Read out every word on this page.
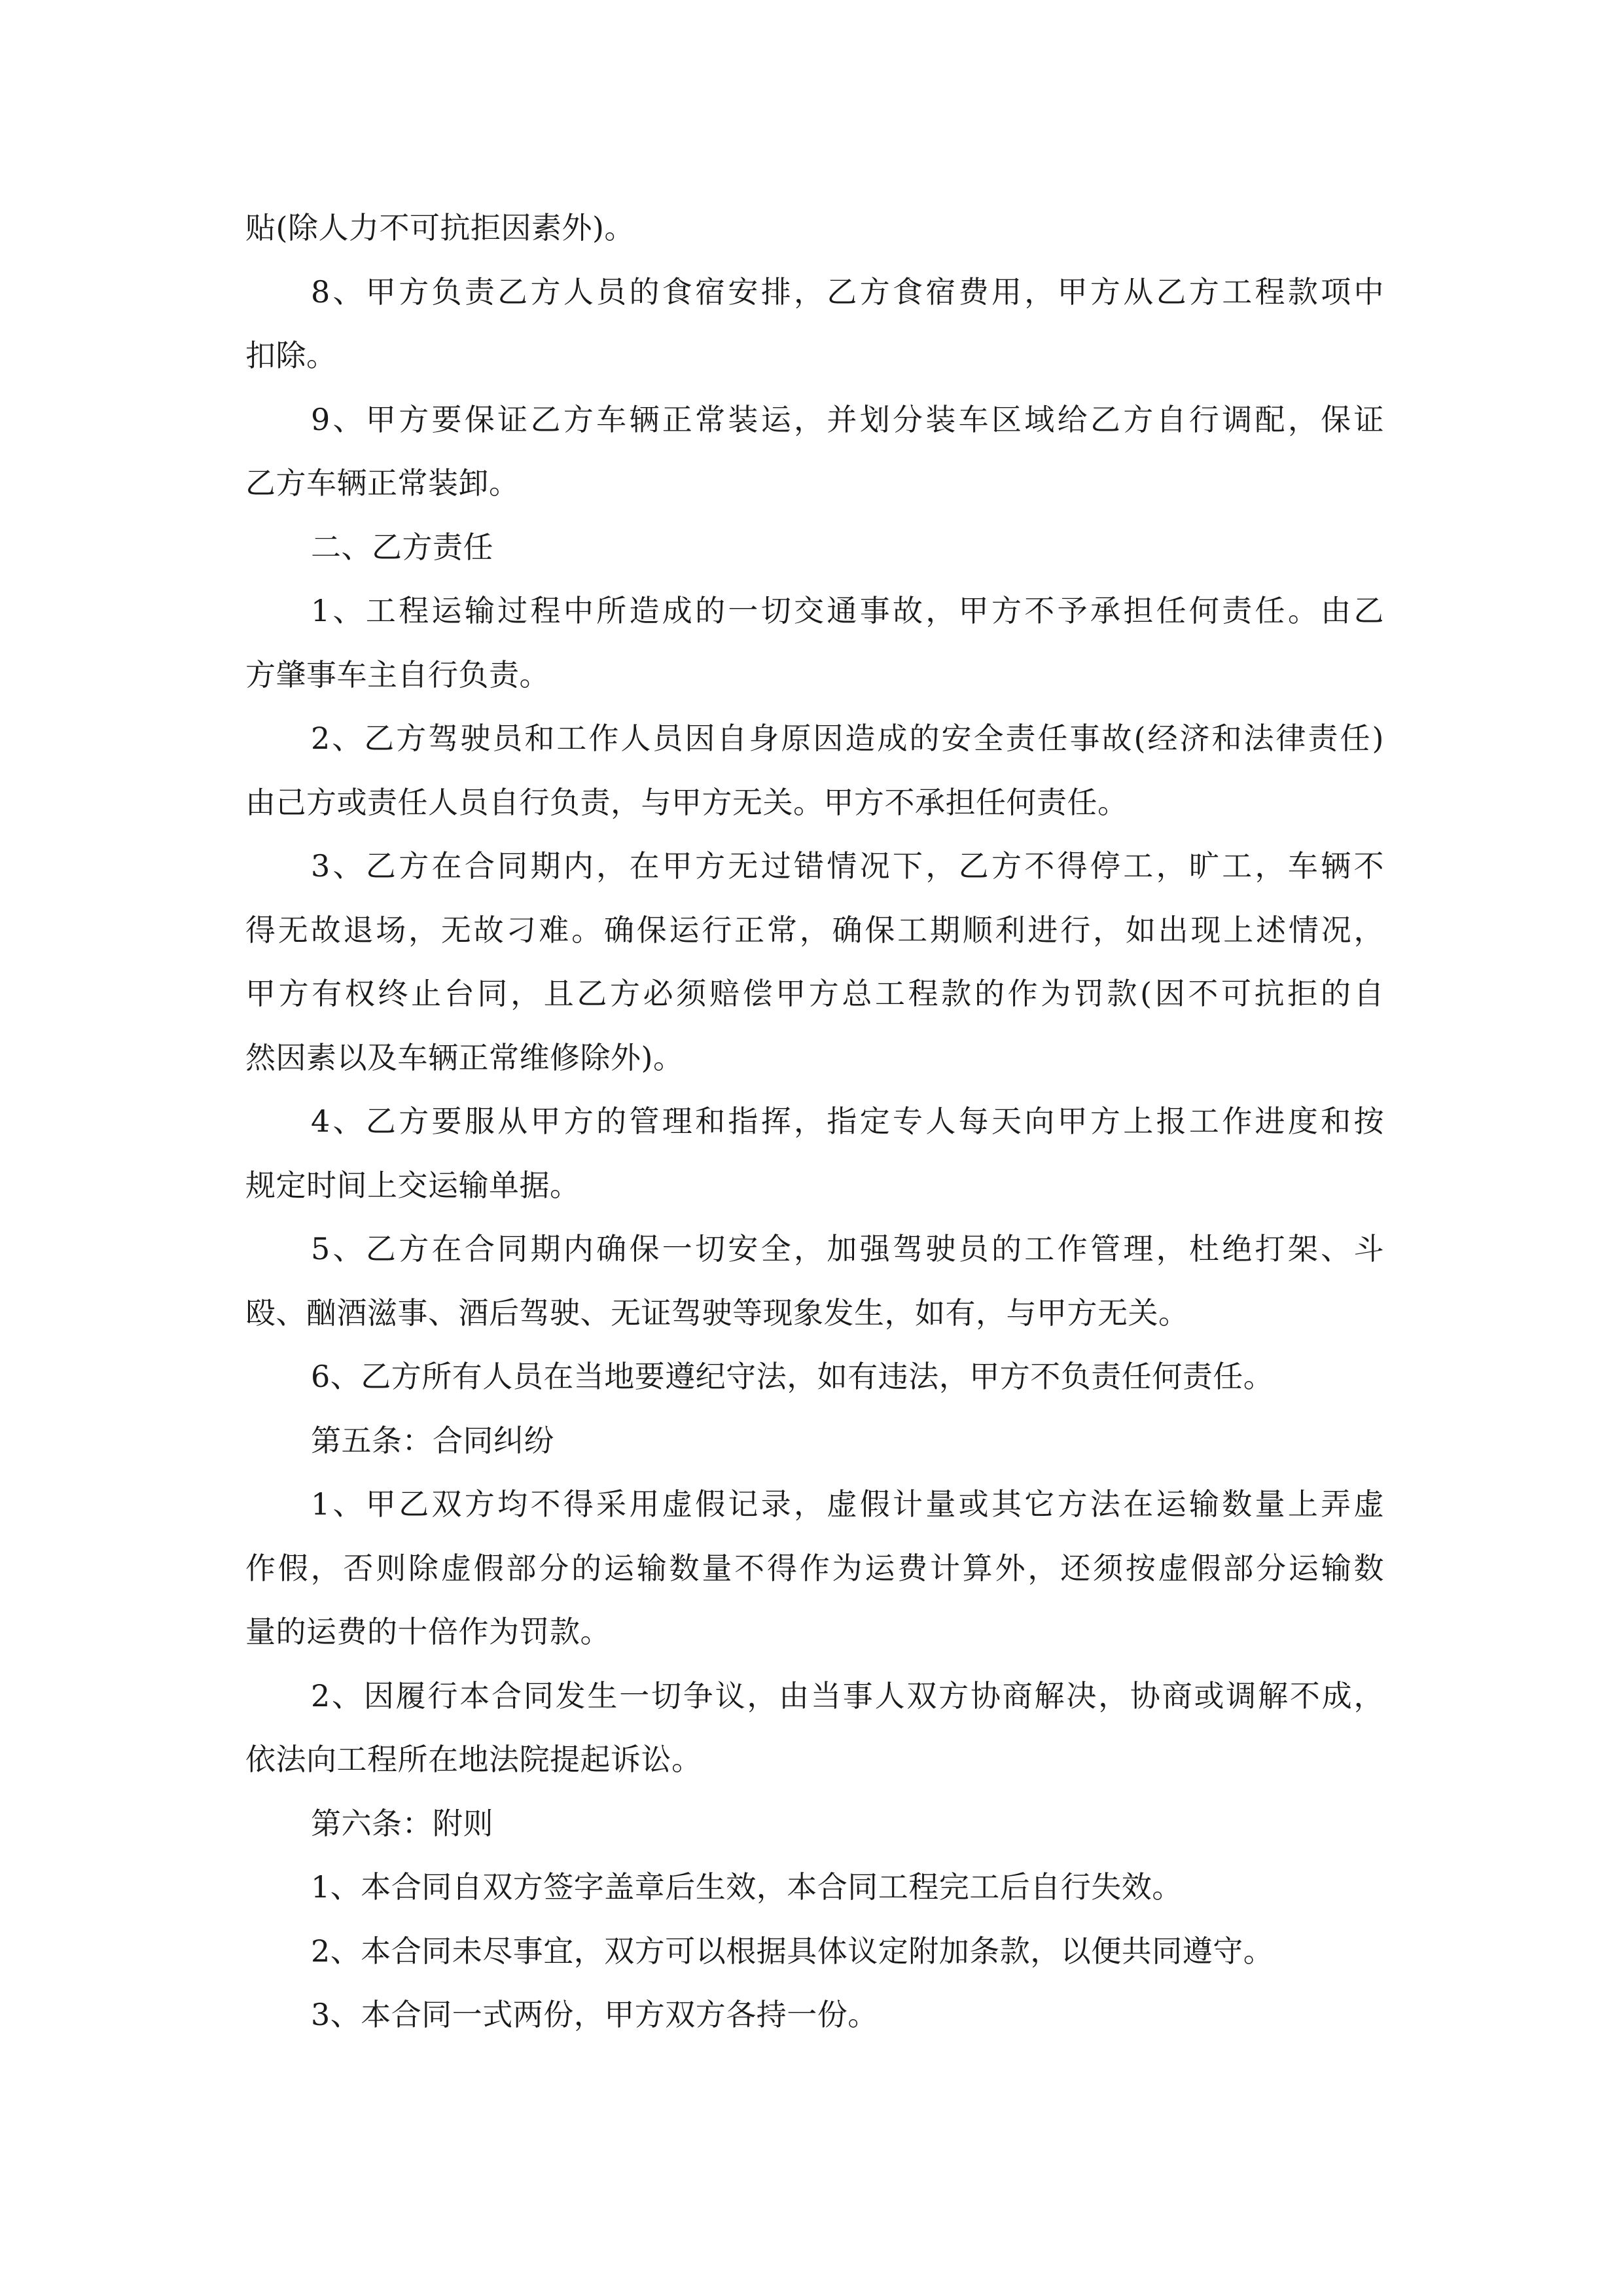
贴(除人力不可抗拒因素外)。
8、甲方负责乙方人员的食宿安排，乙方食宿费用，甲方从乙方工程款项中
扣除。
9、甲方要保证乙方车辆正常装运，并划分装车区域给乙方自行调配，保证
乙方车辆正常装卸。
二、乙方责任
1、工程运输过程中所造成的一切交通事故，甲方不予承担任何责任。由乙
方肇事车主自行负责。
2、乙方驾驶员和工作人员因自身原因造成的安全责任事故(经济和法律责任)
由己方或责任人员自行负责，与甲方无关。甲方不承担任何责任。
3、乙方在合同期内，在甲方无过错情况下，乙方不得停工，旷工，车辆不
得无故退场，无故刁难。确保运行正常，确保工期顺利进行，如出现上述情况，
甲方有权终止台同，且乙方必须赔偿甲方总工程款的作为罚款(因不可抗拒的自
然因素以及车辆正常维修除外)。
4、乙方要服从甲方的管理和指挥，指定专人每天向甲方上报工作进度和按
规定时间上交运输单据。
5、乙方在合同期内确保一切安全，加强驾驶员的工作管理，杜绝打架、斗
殴、酗酒滋事、酒后驾驶、无证驾驶等现象发生，如有，与甲方无关。
6、乙方所有人员在当地要遵纪守法，如有违法，甲方不负责任何责任。
第五条：合同纠纷
1、甲乙双方均不得采用虚假记录，虚假计量或其它方法在运输数量上弄虚
作假，否则除虚假部分的运输数量不得作为运费计算外，还须按虚假部分运输数
量的运费的十倍作为罚款。
2、因履行本合同发生一切争议，由当事人双方协商解决，协商或调解不成，
依法向工程所在地法院提起诉讼。
第六条：附则
1、本合同自双方签字盖章后生效，本合同工程完工后自行失效。
2、本合同未尽事宜，双方可以根据具体议定附加条款，以便共同遵守。
3、本合同一式两份，甲方双方各持一份。
